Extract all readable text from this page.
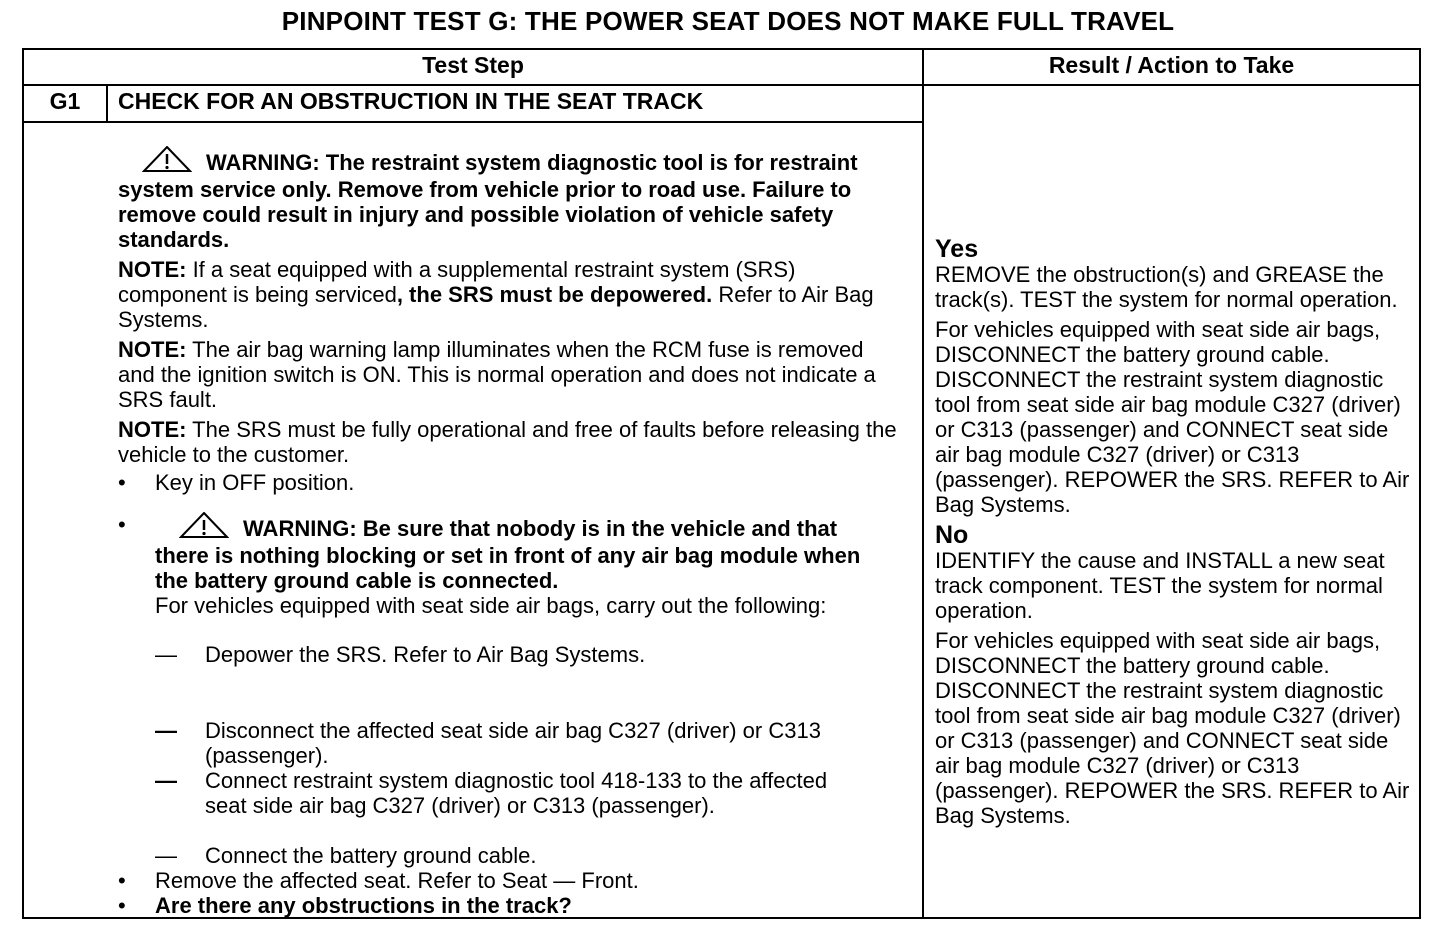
PINPOINT TEST G: THE POWER SEAT DOES NOT MAKE FULL TRAVEL
Test Step	Result / Action to Take
G1	CHECK FOR AN OBSTRUCTION IN THE SEAT TRACK

WARNING: The restraint system diagnostic tool is for restraint system service only. Remove from vehicle prior to road use. Failure to remove could result in injury and possible violation of vehicle safety standards.

NOTE: If a seat equipped with a supplemental restraint system (SRS) component is being serviced, the SRS must be depowered. Refer to Air Bag Systems.

NOTE: The air bag warning lamp illuminates when the RCM fuse is removed and the ignition switch is ON. This is normal operation and does not indicate a SRS fault.

NOTE: The SRS must be fully operational and free of faults before releasing the vehicle to the customer.

•	Key in OFF position.
•	WARNING: Be sure that nobody is in the vehicle and that there is nothing blocking or set in front of any air bag module when the battery ground cable is connected.
For vehicles equipped with seat side air bags, carry out the following:
— Depower the SRS. Refer to Air Bag Systems.
— Disconnect the affected seat side air bag C327 (driver) or C313 (passenger).
— Connect restraint system diagnostic tool 418-133 to the affected seat side air bag C327 (driver) or C313 (passenger).
— Connect the battery ground cable.
•	Remove the affected seat. Refer to Seat — Front.
•	Are there any obstructions in the track?
Yes

REMOVE the obstruction(s) and GREASE the track(s). TEST the system for normal operation.

For vehicles equipped with seat side air bags, DISCONNECT the battery ground cable. DISCONNECT the restraint system diagnostic tool from seat side air bag module C327 (driver) or C313 (passenger) and CONNECT seat side air bag module C327 (driver) or C313 (passenger). REPOWER the SRS. REFER to Air Bag Systems.

No

IDENTIFY the cause and INSTALL a new seat track component. TEST the system for normal operation.

For vehicles equipped with seat side air bags, DISCONNECT the battery ground cable. DISCONNECT the restraint system diagnostic tool from seat side air bag module C327 (driver) or C313 (passenger) and CONNECT seat side air bag module C327 (driver) or C313 (passenger). REPOWER the SRS. REFER to Air Bag Systems.
